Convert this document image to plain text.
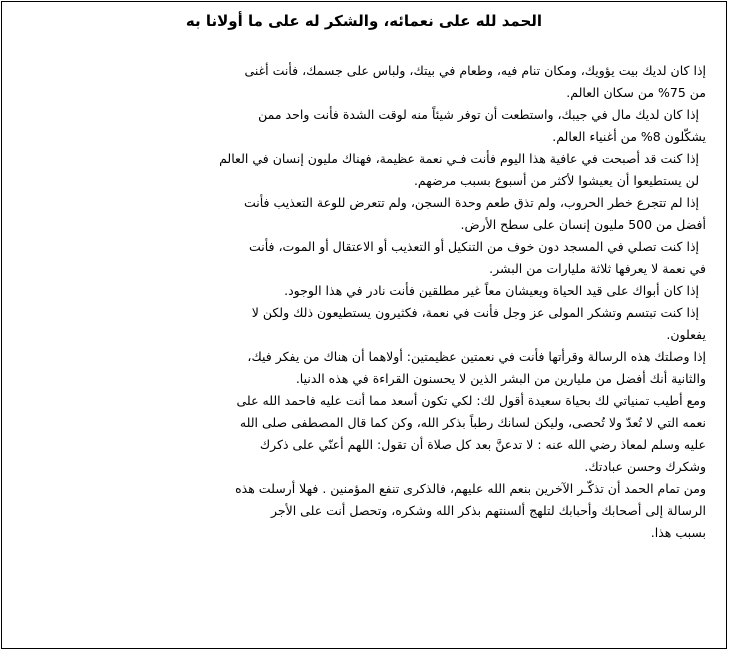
الحمد لله على نعمائه، والشكر له على ما أولانا به
إذا كان لديك بيت يؤويك، ومكان تنام فيه، وطعام في بيتك، ولباس على جسمك، فأنت أغنى
من 75% من سكان العالم.
إذا كان لديك مال في جيبك، واستطعت أن توفر شيئاً منه لوقت الشدة فأنت واحد ممن
يشكّلون 8% من أغنياء العالم.
إذا كنت قد أصبحت في عافية هذا اليوم فأنت فـي نعمة عظيمة، فهناك مليون إنسان في العالم
لن يستطيعوا أن يعيشوا لأكثر من أسبوع بسبب مرضهم.
إذا لم تتجرع خطر الحروب، ولم تذق طعم وحدة السجن، ولم تتعرض للوعة التعذيب فأنت
أفضل من 500 مليون إنسان على سطح الأرض.
إذا كنت تصلي في المسجد دون خوف من التنكيل أو التعذيب أو الاعتقال أو الموت، فأنت
في نعمة لا يعرفها ثلاثة مليارات من البشر.
إذا كان أبواك على قيد الحياة ويعيشان معاً غير مطلقين فأنت نادر في هذا الوجود.
إذا كنت تبتسم وتشكر المولى عز وجل فأنت في نعمة، فكثيرون يستطيعون ذلك ولكن لا
يفعلون.
إذا وصلتك هذه الرسالة وقرأتها فأنت في نعمتين عظيمتين: أولاهما أن هناك من يفكر فيك،
والثانية أنك أفضل من مليارين من البشر الذين لا يحسنون القراءة في هذه الدنيا.
ومع أطيب تمنياتي لك بحياة سعيدة أقول لك: لكي تكون أسعد مما أنت عليه فاحمد الله على
نعمه التي لا تُعدّ ولا تُحصى، وليكن لسانك رطباً بذكر الله، وكن كما قال المصطفى صلى الله
عليه وسلم لمعاذ رضي الله عنه : لا تدعنَّ بعد كل صلاة أن تقول: اللهم أعنّي على ذكرك
وشكرك وحسن عبادتك.
ومن تمام الحمد أن تذكّـر الآخرين بنعم الله عليهم، فالذكرى تنفع المؤمنين . فهلا أرسلت هذه
الرسالة إلى أصحابك وأحبابك لتلهج ألسنتهم بذكر الله وشكره، وتحصل أنت على الأجر
بسبب هذا.
